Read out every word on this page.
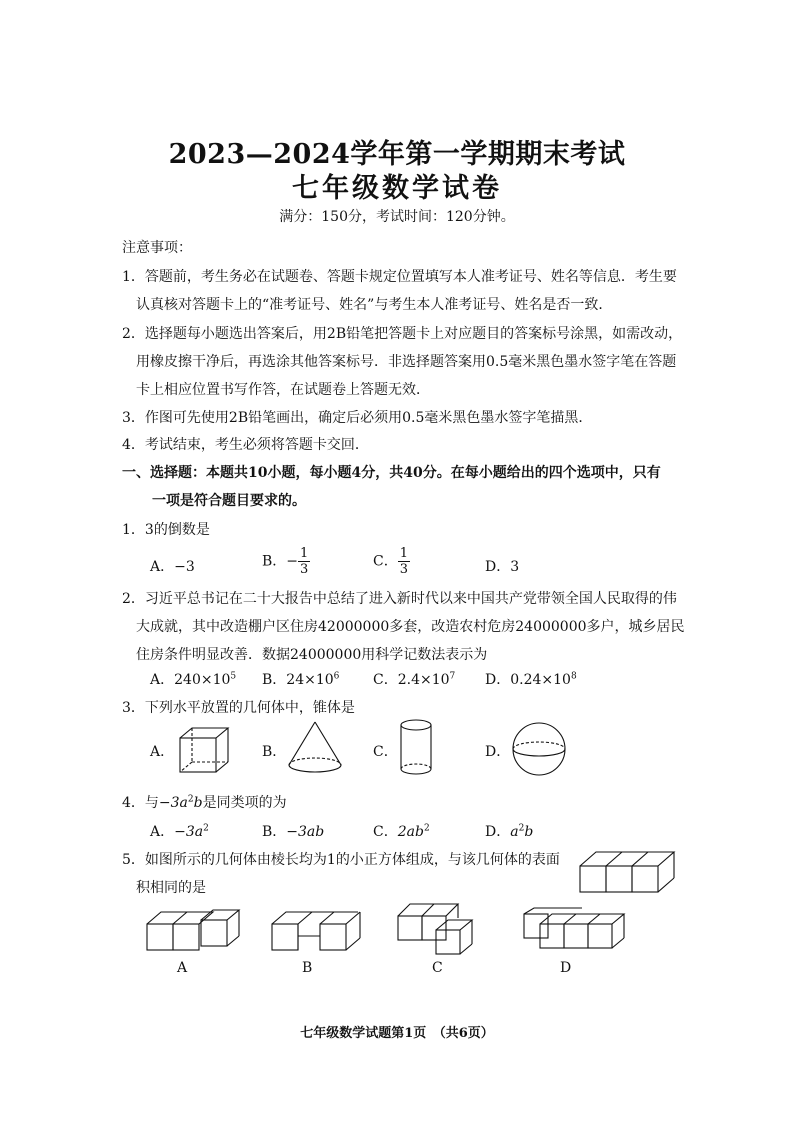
2023—2024学年第一学期期末考试
七年级数学试卷
满分：150分，考试时间：120分钟。
注意事项：
1．答题前，考生务必在试题卷、答题卡规定位置填写本人准考证号、姓名等信息．考生要
认真核对答题卡上的“准考证号、姓名”与考生本人准考证号、姓名是否一致．
2．选择题每小题选出答案后，用2B铅笔把答题卡上对应题目的答案标号涂黑，如需改动，
用橡皮擦干净后，再选涂其他答案标号．非选择题答案用0.5毫米黑色墨水签字笔在答题
卡上相应位置书写作答，在试题卷上答题无效．
3．作图可先使用2B铅笔画出，确定后必须用0.5毫米黑色墨水签字笔描黑．
4．考试结束，考生必须将答题卡交回．
一、选择题：本题共10小题，每小题4分，共40分。在每小题给出的四个选项中，只有
一项是符合题目要求的。
1．3的倒数是
A．−3	B．− $\frac{1}{3}$	C． $\frac{1}{3}$	D．3
2．习近平总书记在二十大报告中总结了进入新时代以来中国共产党带领全国人民取得的伟
大成就，其中改造棚户区住房42000000多套，改造农村危房24000000多户，城乡居民
住房条件明显改善．数据24000000用科学记数法表示为
A．$240\times 10^5$ B．$24\times 10^6$ C．$2.4\times 10^7$ D．$0.24\times 10^8$
3．下列水平放置的几何体中，锥体是
A．	B．	C．	D．
4．与$-3a^2b$是同类项的为
A．$-3a^2$	B．−3ab	C．$2ab^2$	D．$a^2b$
5．如图所示的几何体由棱长均为1的小正方体组成，与该几何体的表面
积相同的是
A	B	C	D
七年级数学试题第1页　（共6页）
